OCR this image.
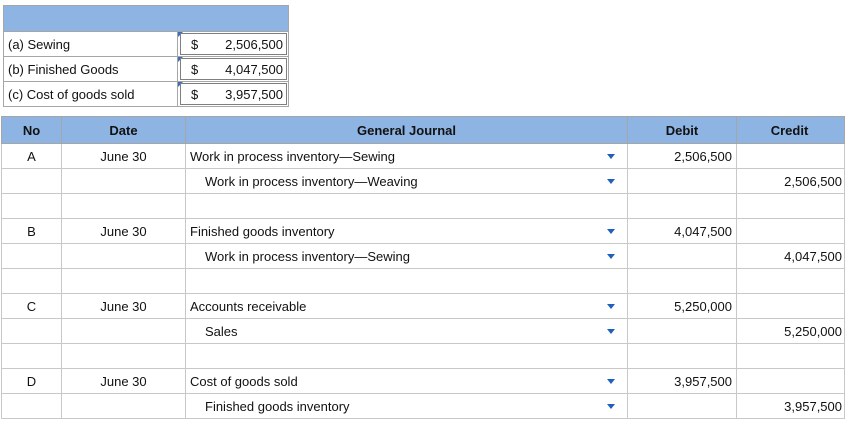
(a) Sewing	$ 2,506,500

(b) Finished Goods	$ 4,047,500

(c) Cost of goods sold	$ 3,957,500
No	Date	General Journal	Debit	Credit
A	June 30	Work in process inventory—Sewing	2,506,500	
		Work in process inventory—Weaving		2,506,500

B	June 30	Finished goods inventory	4,047,500	
		Work in process inventory—Sewing		4,047,500

C	June 30	Accounts receivable	5,250,000	
		Sales		5,250,000

D	June 30	Cost of goods sold	3,957,500	
		Finished goods inventory		3,957,500
